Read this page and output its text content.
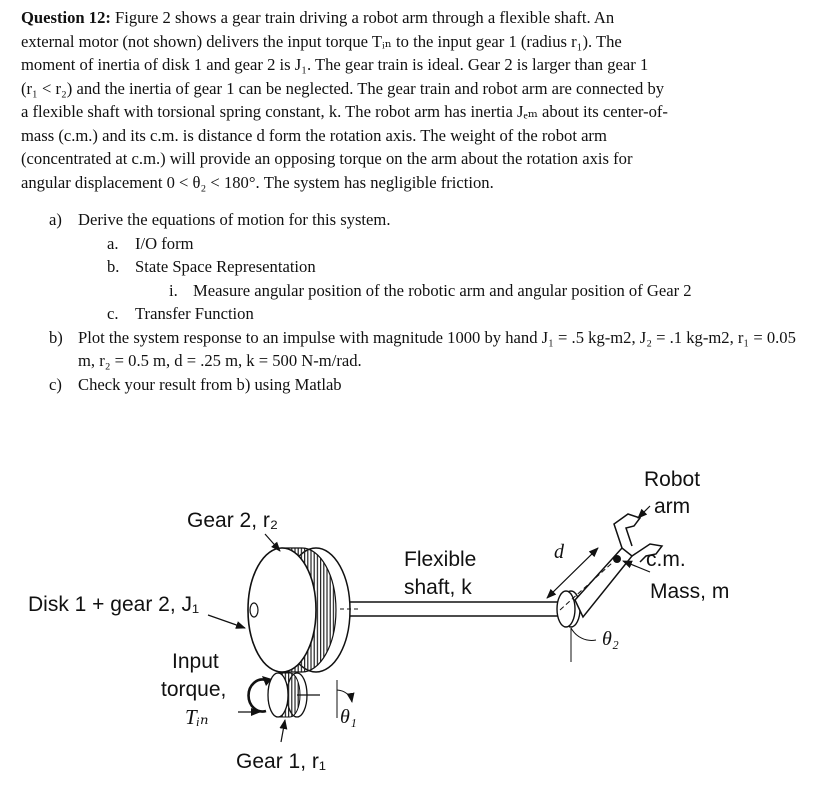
Question 12: Figure 2 shows a gear train driving a robot arm through a flexible shaft. An
external motor (not shown) delivers the input torque Tᵢₙ to the input gear 1 (radius r₁). The
moment of inertia of disk 1 and gear 2 is J₁. The gear train is ideal. Gear 2 is larger than gear 1
(r₁ < r₂) and the inertia of gear 1 can be neglected. The gear train and robot arm are connected by
a flexible shaft with torsional spring constant, k. The robot arm has inertia Jₑₘ about its center-of-
mass (c.m.) and its c.m. is distance d form the rotation axis. The weight of the robot arm
(concentrated at c.m.) will provide an opposing torque on the arm about the rotation axis for
angular displacement 0 < θ₂ < 180°. The system has negligible friction.

a) Derive the equations of motion for this system.
a. I/O form
b. State Space Representation
i. Measure angular position of the robotic arm and angular position of Gear 2
c. Transfer Function
b) Plot the system response to an impulse with magnitude 1000 by hand J₁ = .5 kg-m2, J₂ = .1 kg-m2, r₁ = 0.05 m, r₂ = 0.5 m, d = .25 m, k = 500 N-m/rad.
c) Check your result from b) using Matlab
Gear 2, r₂
Disk 1 + gear 2, J₁
Input
torque,
Tᵢₙ
Gear 1, r₁
θ₁
Flexible
shaft, k
d
θ₂
Robot
arm
c.m.
Mass, m
